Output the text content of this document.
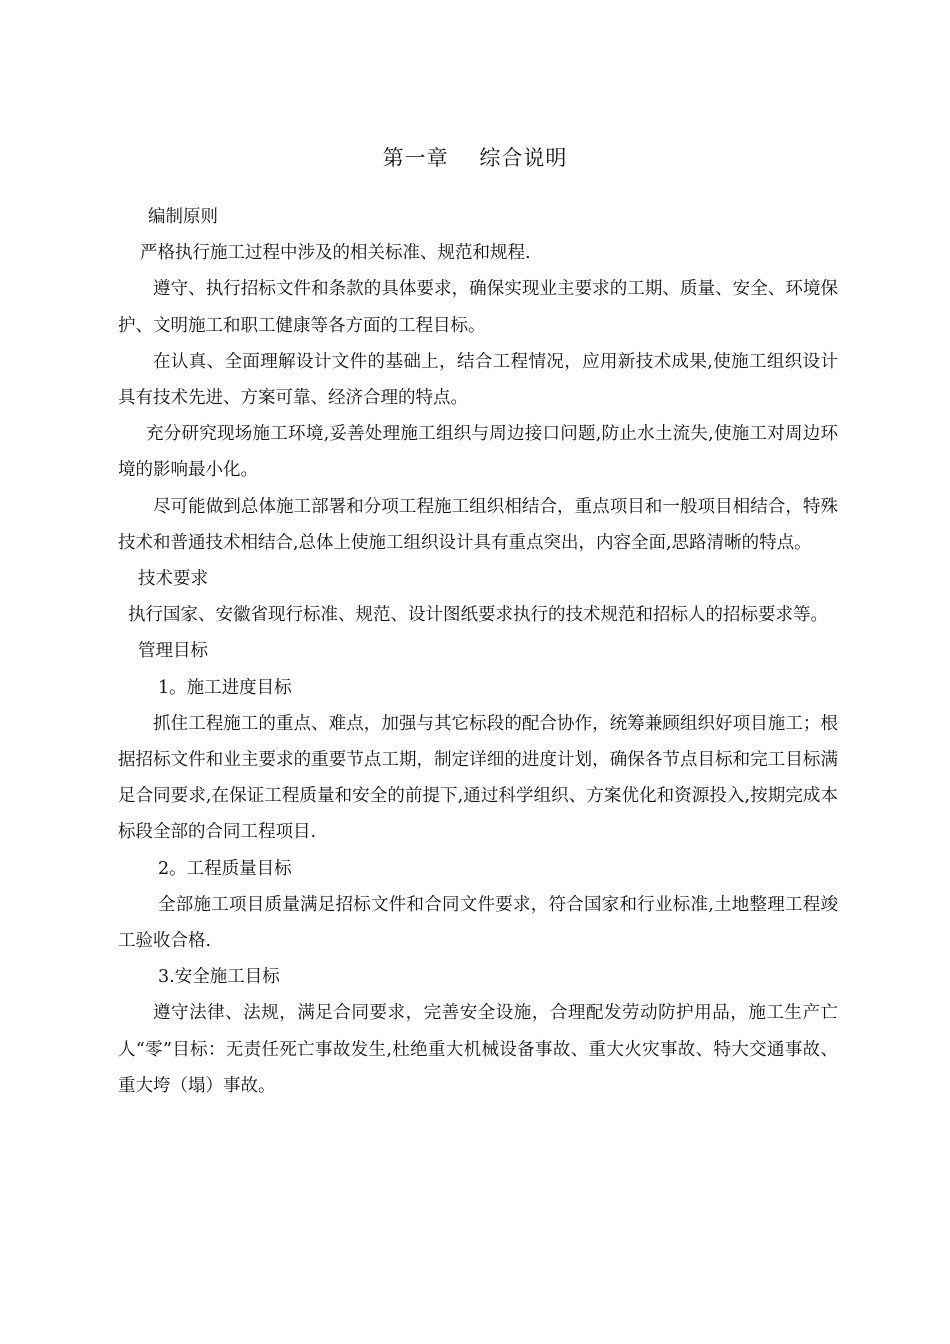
第一章    综合说明

编制原则

严格执行施工过程中涉及的相关标准、规范和规程.

遵守、执行招标文件和条款的具体要求，确保实现业主要求的工期、质量、安全、环境保护、文明施工和职工健康等各方面的工程目标。

在认真、全面理解设计文件的基础上，结合工程情况，应用新技术成果,使施工组织设计具有技术先进、方案可靠、经济合理的特点。

充分研究现场施工环境,妥善处理施工组织与周边接口问题,防止水土流失,使施工对周边环境的影响最小化。

尽可能做到总体施工部署和分项工程施工组织相结合，重点项目和一般项目相结合，特殊技术和普通技术相结合,总体上使施工组织设计具有重点突出，内容全面,思路清晰的特点。

技术要求

执行国家、安徽省现行标准、规范、设计图纸要求执行的技术规范和招标人的招标要求等。

管理目标

1。施工进度目标

抓住工程施工的重点、难点，加强与其它标段的配合协作，统筹兼顾组织好项目施工；根据招标文件和业主要求的重要节点工期，制定详细的进度计划，确保各节点目标和完工目标满足合同要求,在保证工程质量和安全的前提下,通过科学组织、方案优化和资源投入,按期完成本标段全部的合同工程项目.

2。工程质量目标

全部施工项目质量满足招标文件和合同文件要求，符合国家和行业标准,土地整理工程竣工验收合格.

3.安全施工目标

遵守法律、法规，满足合同要求，完善安全设施，合理配发劳动防护用品，施工生产亡人“零”目标：无责任死亡事故发生,杜绝重大机械设备事故、重大火灾事故、特大交通事故、重大垮（塌）事故。
